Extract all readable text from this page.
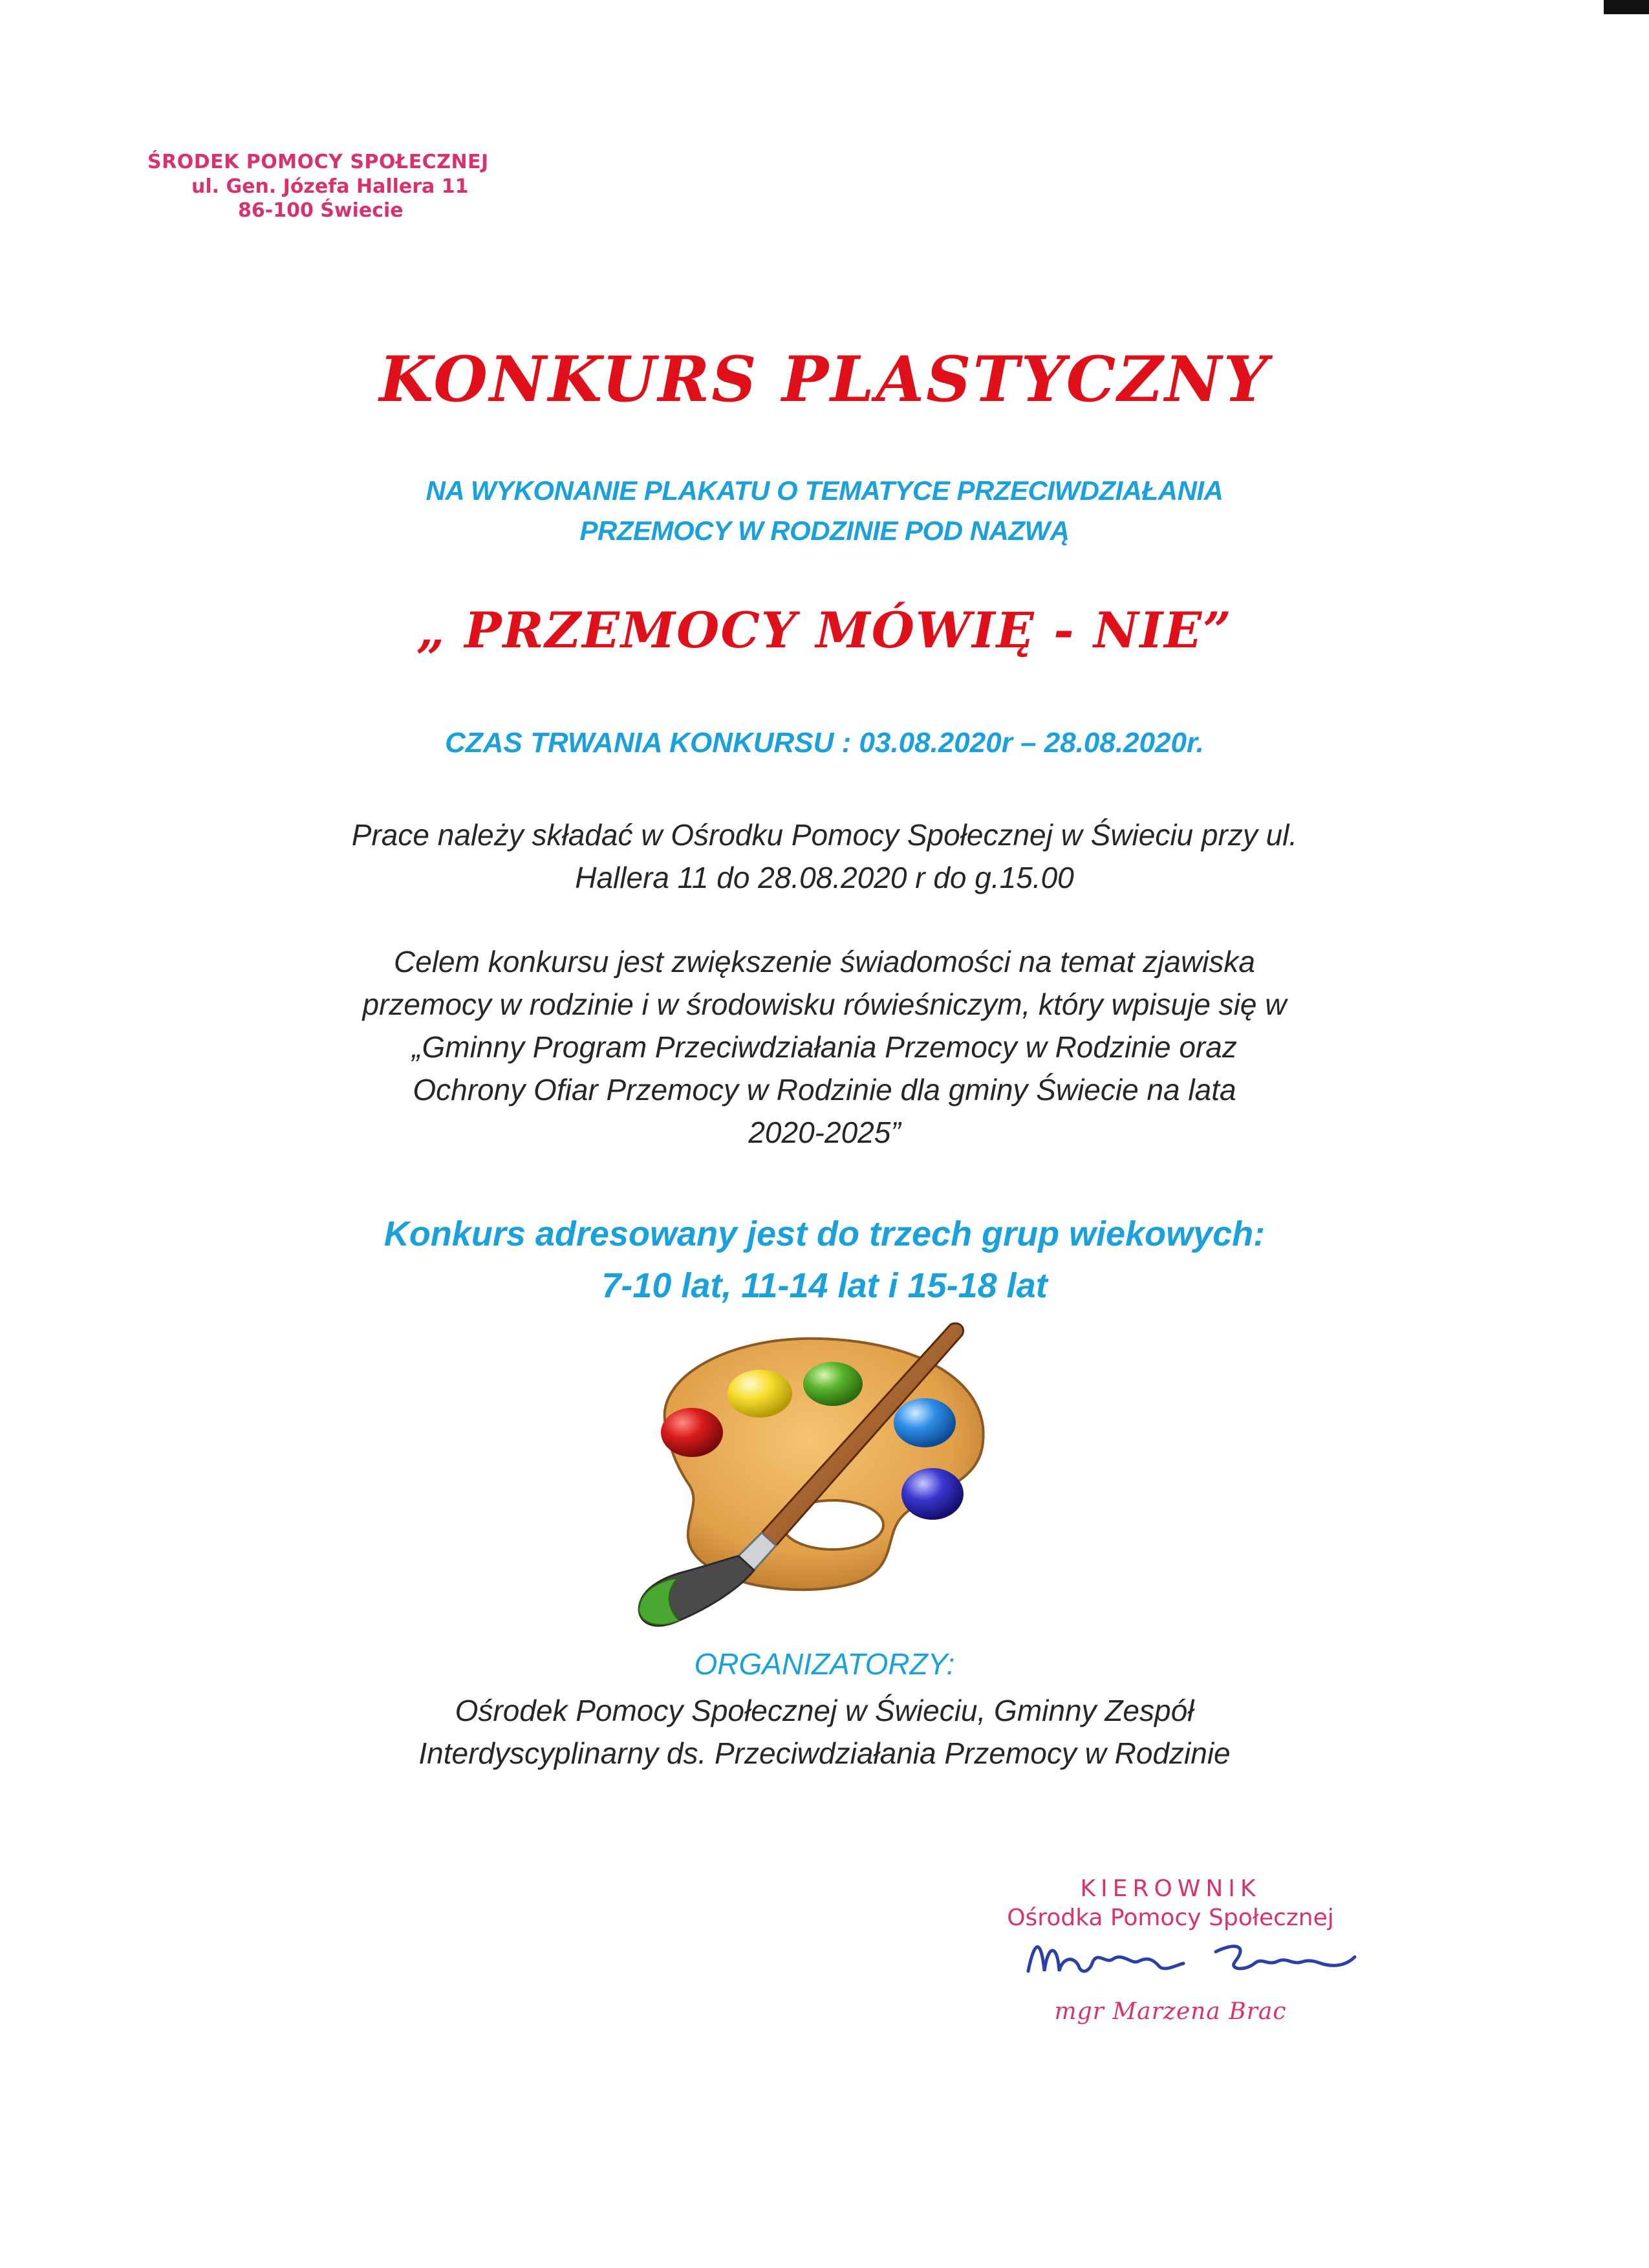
ŚRODEK POMOCY SPOŁECZNEJ
ul. Gen. Józefa Hallera 11
86-100 Świecie
KONKURS PLASTYCZNY
NA WYKONANIE PLAKATU O TEMATYCE PRZECIWDZIAŁANIA
PRZEMOCY W RODZINIE POD NAZWĄ
„ PRZEMOCY MÓWIĘ - NIE”
CZAS TRWANIA KONKURSU : 03.08.2020r – 28.08.2020r.
Prace należy składać w Ośrodku Pomocy Społecznej w Świeciu przy ul.
Hallera 11 do 28.08.2020 r do g.15.00
Celem konkursu jest zwiększenie świadomości na temat zjawiska
przemocy w rodzinie i w środowisku rówieśniczym, który wpisuje się w
„Gminny Program Przeciwdziałania Przemocy w Rodzinie oraz
Ochrony Ofiar Przemocy w Rodzinie dla gminy Świecie na lata
2020-2025”
Konkurs adresowany jest do trzech grup wiekowych:
7-10 lat, 11-14 lat i 15-18 lat
ORGANIZATORZY:
Ośrodek Pomocy Społecznej w Świeciu, Gminny Zespół
Interdyscyplinarny ds. Przeciwdziałania Przemocy w Rodzinie
KIEROWNIK
Ośrodka Pomocy Społecznej
mgr Marzena Brac
